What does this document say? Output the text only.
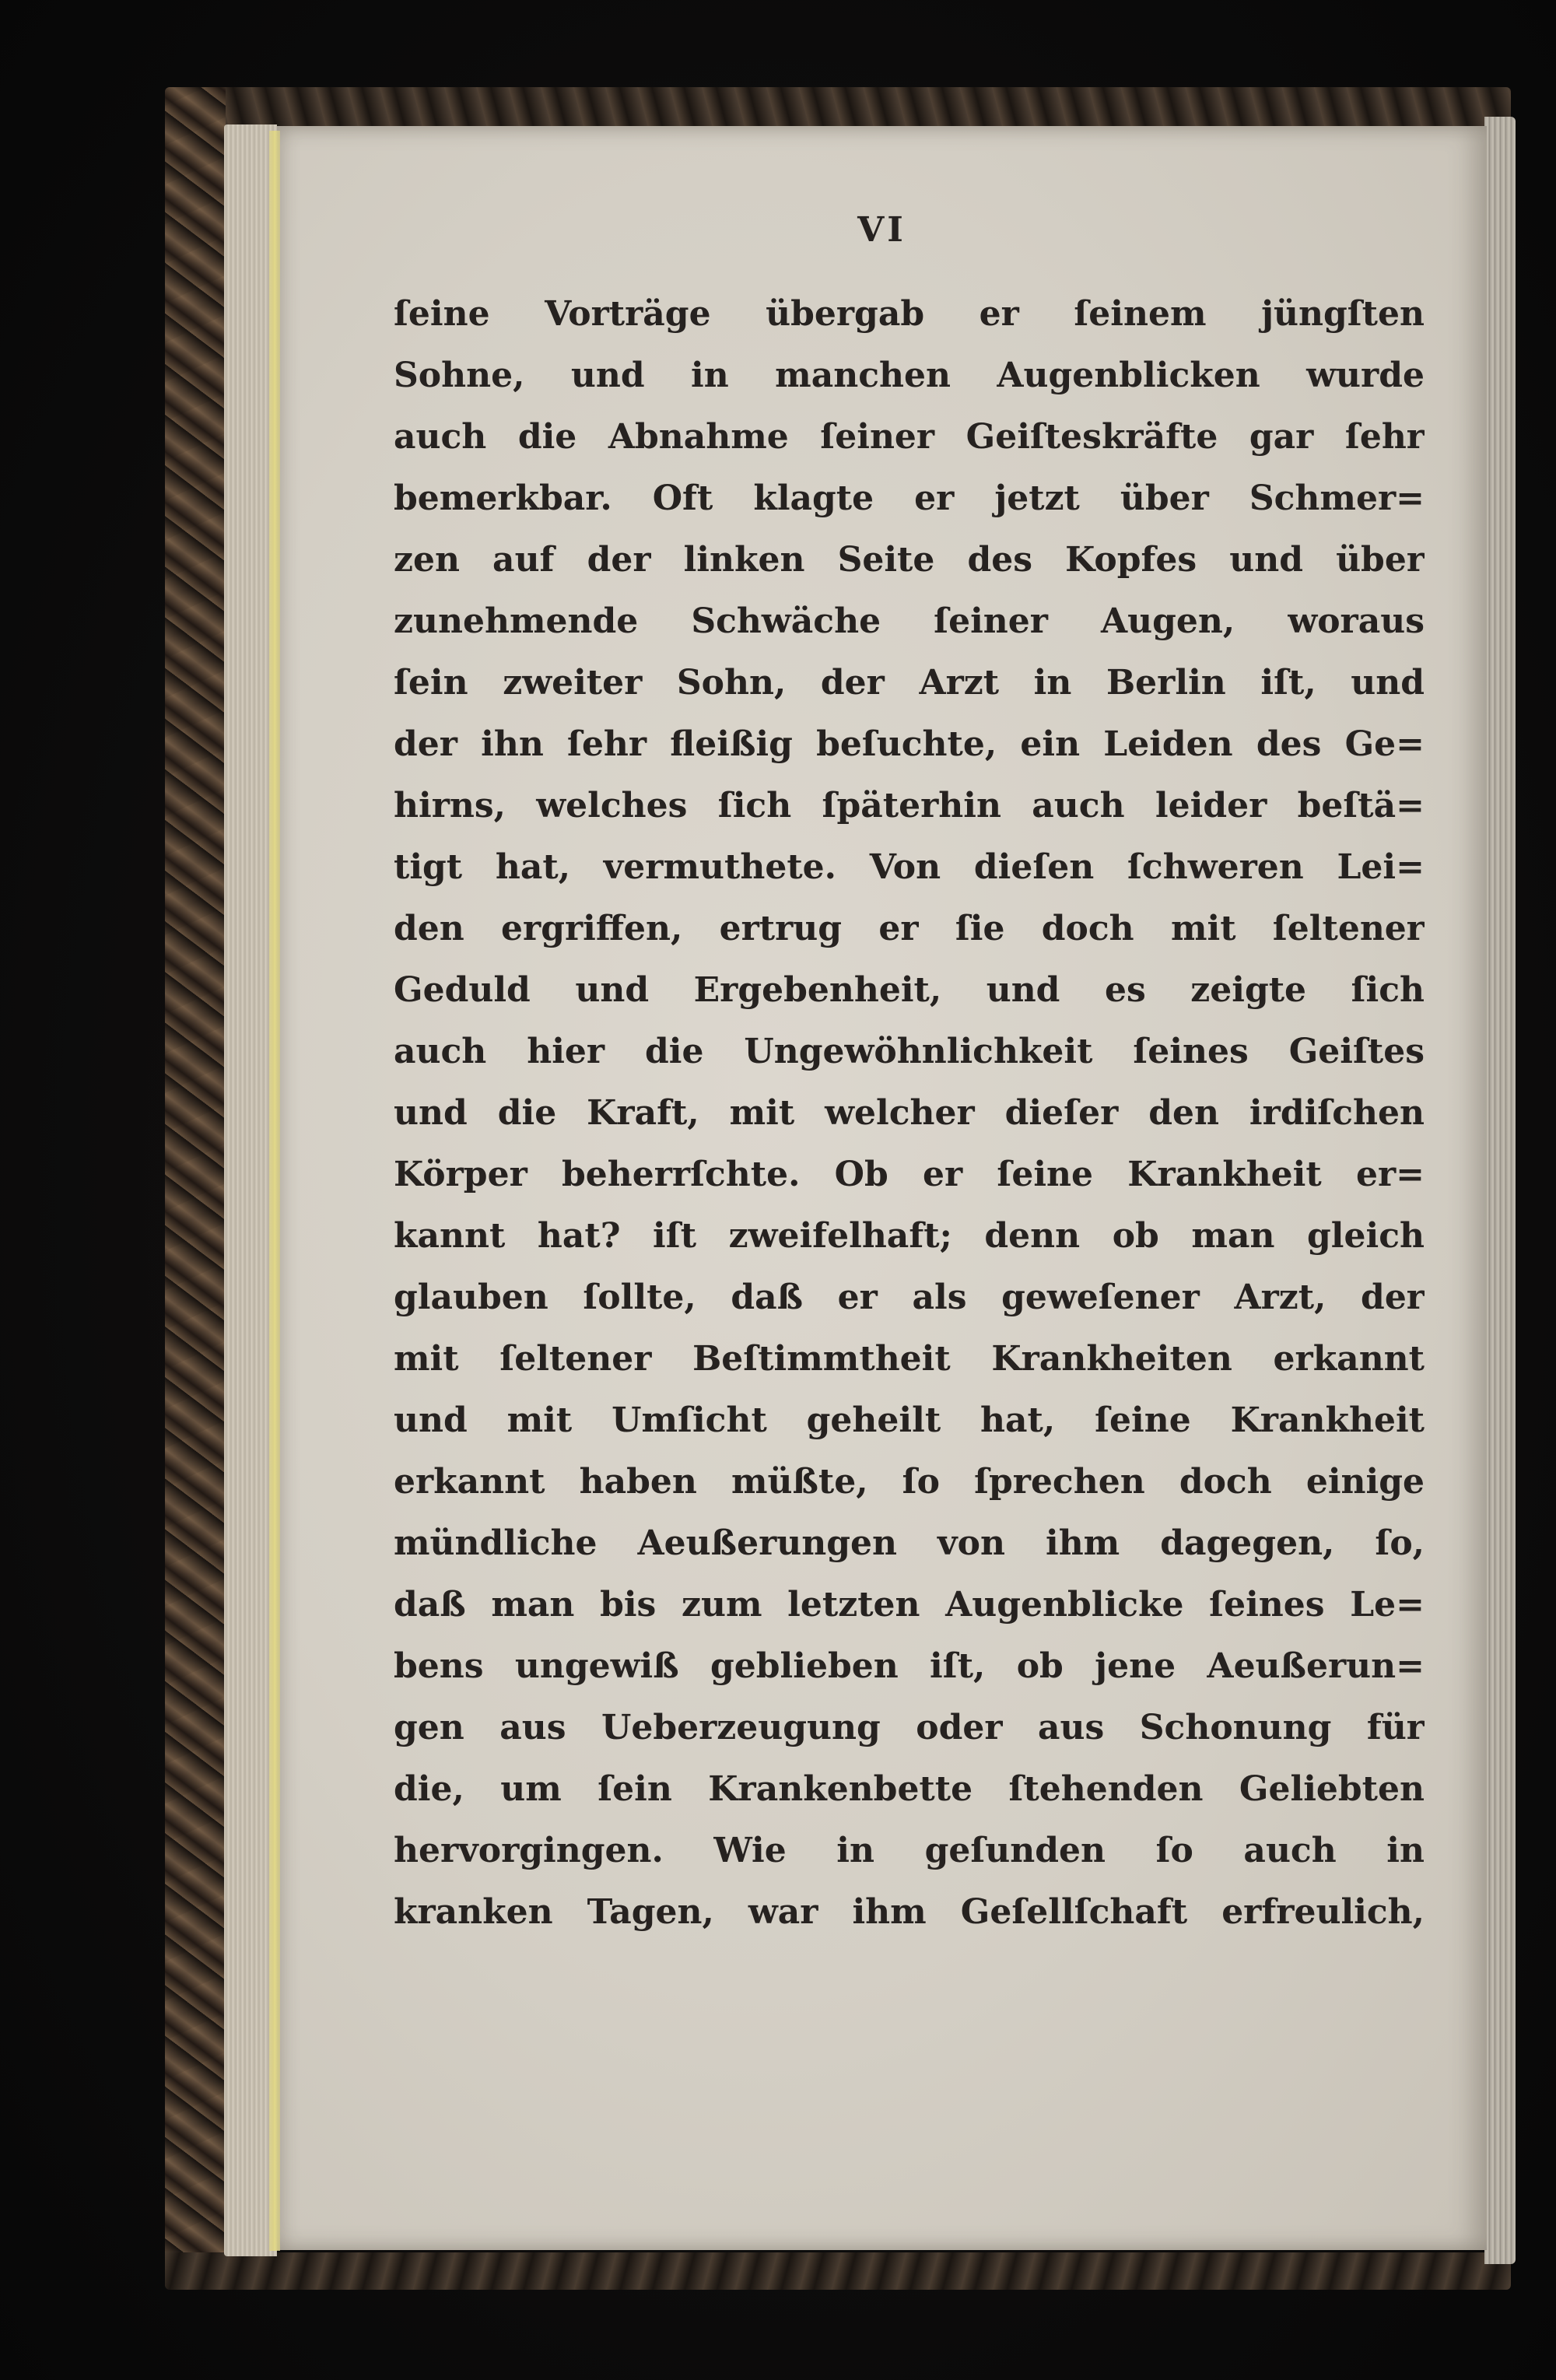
VI
ſeine Vorträge übergab er ſeinem jüngſten
Sohne, und in manchen Augenblicken wurde
auch die Abnahme ſeiner Geiſteskräfte gar ſehr
bemerkbar. Oft klagte er jetzt über Schmer=
zen auf der linken Seite des Kopfes und über
zunehmende Schwäche ſeiner Augen, woraus
ſein zweiter Sohn, der Arzt in Berlin iſt, und
der ihn ſehr fleißig beſuchte, ein Leiden des Ge=
hirns, welches ſich ſpäterhin auch leider beſtä=
tigt hat, vermuthete. Von dieſen ſchweren Lei=
den ergriffen, ertrug er ſie doch mit ſeltener
Geduld und Ergebenheit, und es zeigte ſich
auch hier die Ungewöhnlichkeit ſeines Geiſtes
und die Kraft, mit welcher dieſer den irdiſchen
Körper beherrſchte. Ob er ſeine Krankheit er=
kannt hat? iſt zweifelhaft; denn ob man gleich
glauben ſollte, daß er als geweſener Arzt, der
mit ſeltener Beſtimmtheit Krankheiten erkannt
und mit Umſicht geheilt hat, ſeine Krankheit
erkannt haben müßte, ſo ſprechen doch einige
mündliche Aeußerungen von ihm dagegen, ſo,
daß man bis zum letzten Augenblicke ſeines Le=
bens ungewiß geblieben iſt, ob jene Aeußerun=
gen aus Ueberzeugung oder aus Schonung für
die, um ſein Krankenbette ſtehenden Geliebten
hervorgingen. Wie in geſunden ſo auch in
kranken Tagen, war ihm Geſellſchaft erfreulich,
